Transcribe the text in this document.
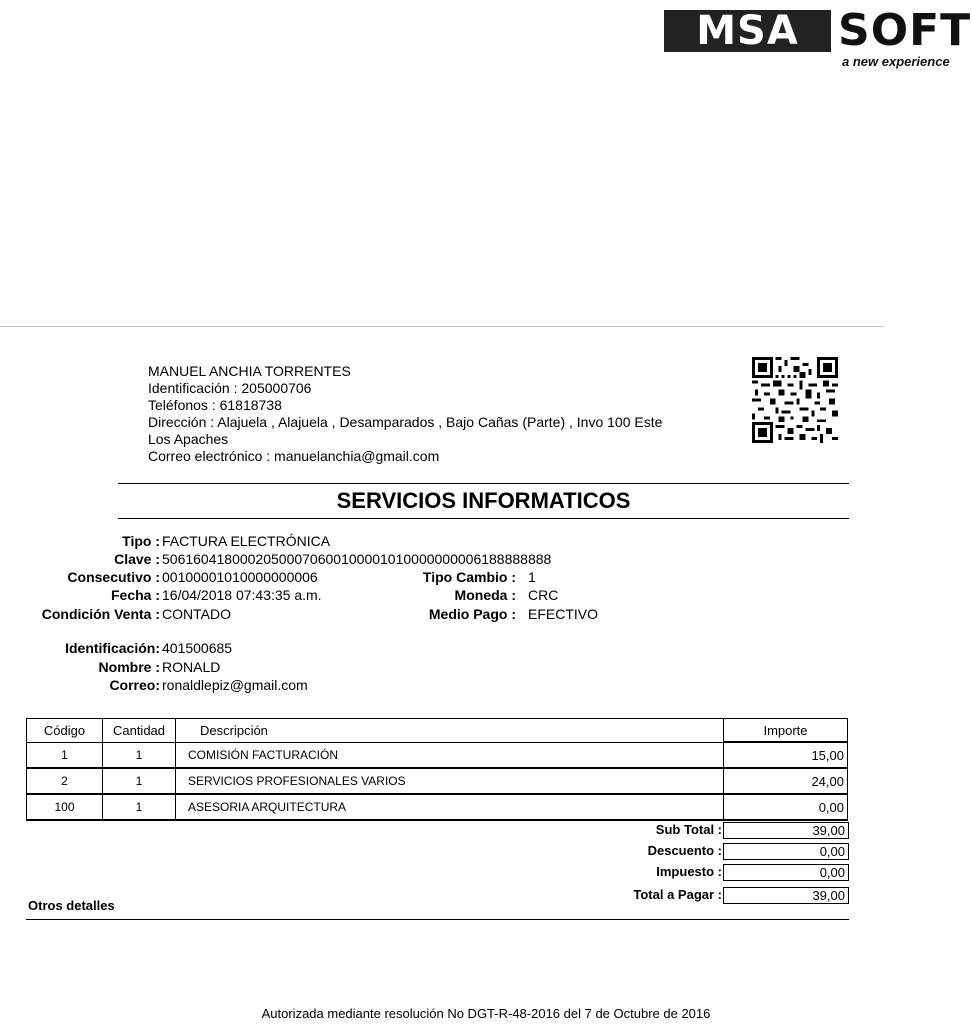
MSA SOFT
a new experience
MANUEL ANCHIA TORRENTES
Identificación : 205000706
Teléfonos : 61818738
Dirección : Alajuela , Alajuela , Desamparados , Bajo Cañas (Parte) , Invo 100 Este
Los Apaches
Correo electrónico : manuelanchia@gmail.com
SERVICIOS INFORMATICOS
Tipo : FACTURA ELECTRÓNICA
Clave : 50616041800020500070600100001010000000006188888888
Consecutivo : 00100001010000000006
Fecha : 16/04/2018 07:43:35 a.m.
Condición Venta : CONTADO
Tipo Cambio : 1
Moneda : CRC
Medio Pago : EFECTIVO
Identificación: 401500685
Nombre : RONALD
Correo: ronaldlepiz@gmail.com
Código	Cantidad	Descripción	Importe
1	1	COMISIÓN FACTURACIÓN	15,00
2	1	SERVICIOS PROFESIONALES VARIOS	24,00
100	1	ASESORIA ARQUITECTURA	0,00
Sub Total :	39,00
Descuento :	0,00
Impuesto :	0,00
Total a Pagar :	39,00
Otros detalles
Autorizada mediante resolución No DGT-R-48-2016 del 7 de Octubre de 2016
